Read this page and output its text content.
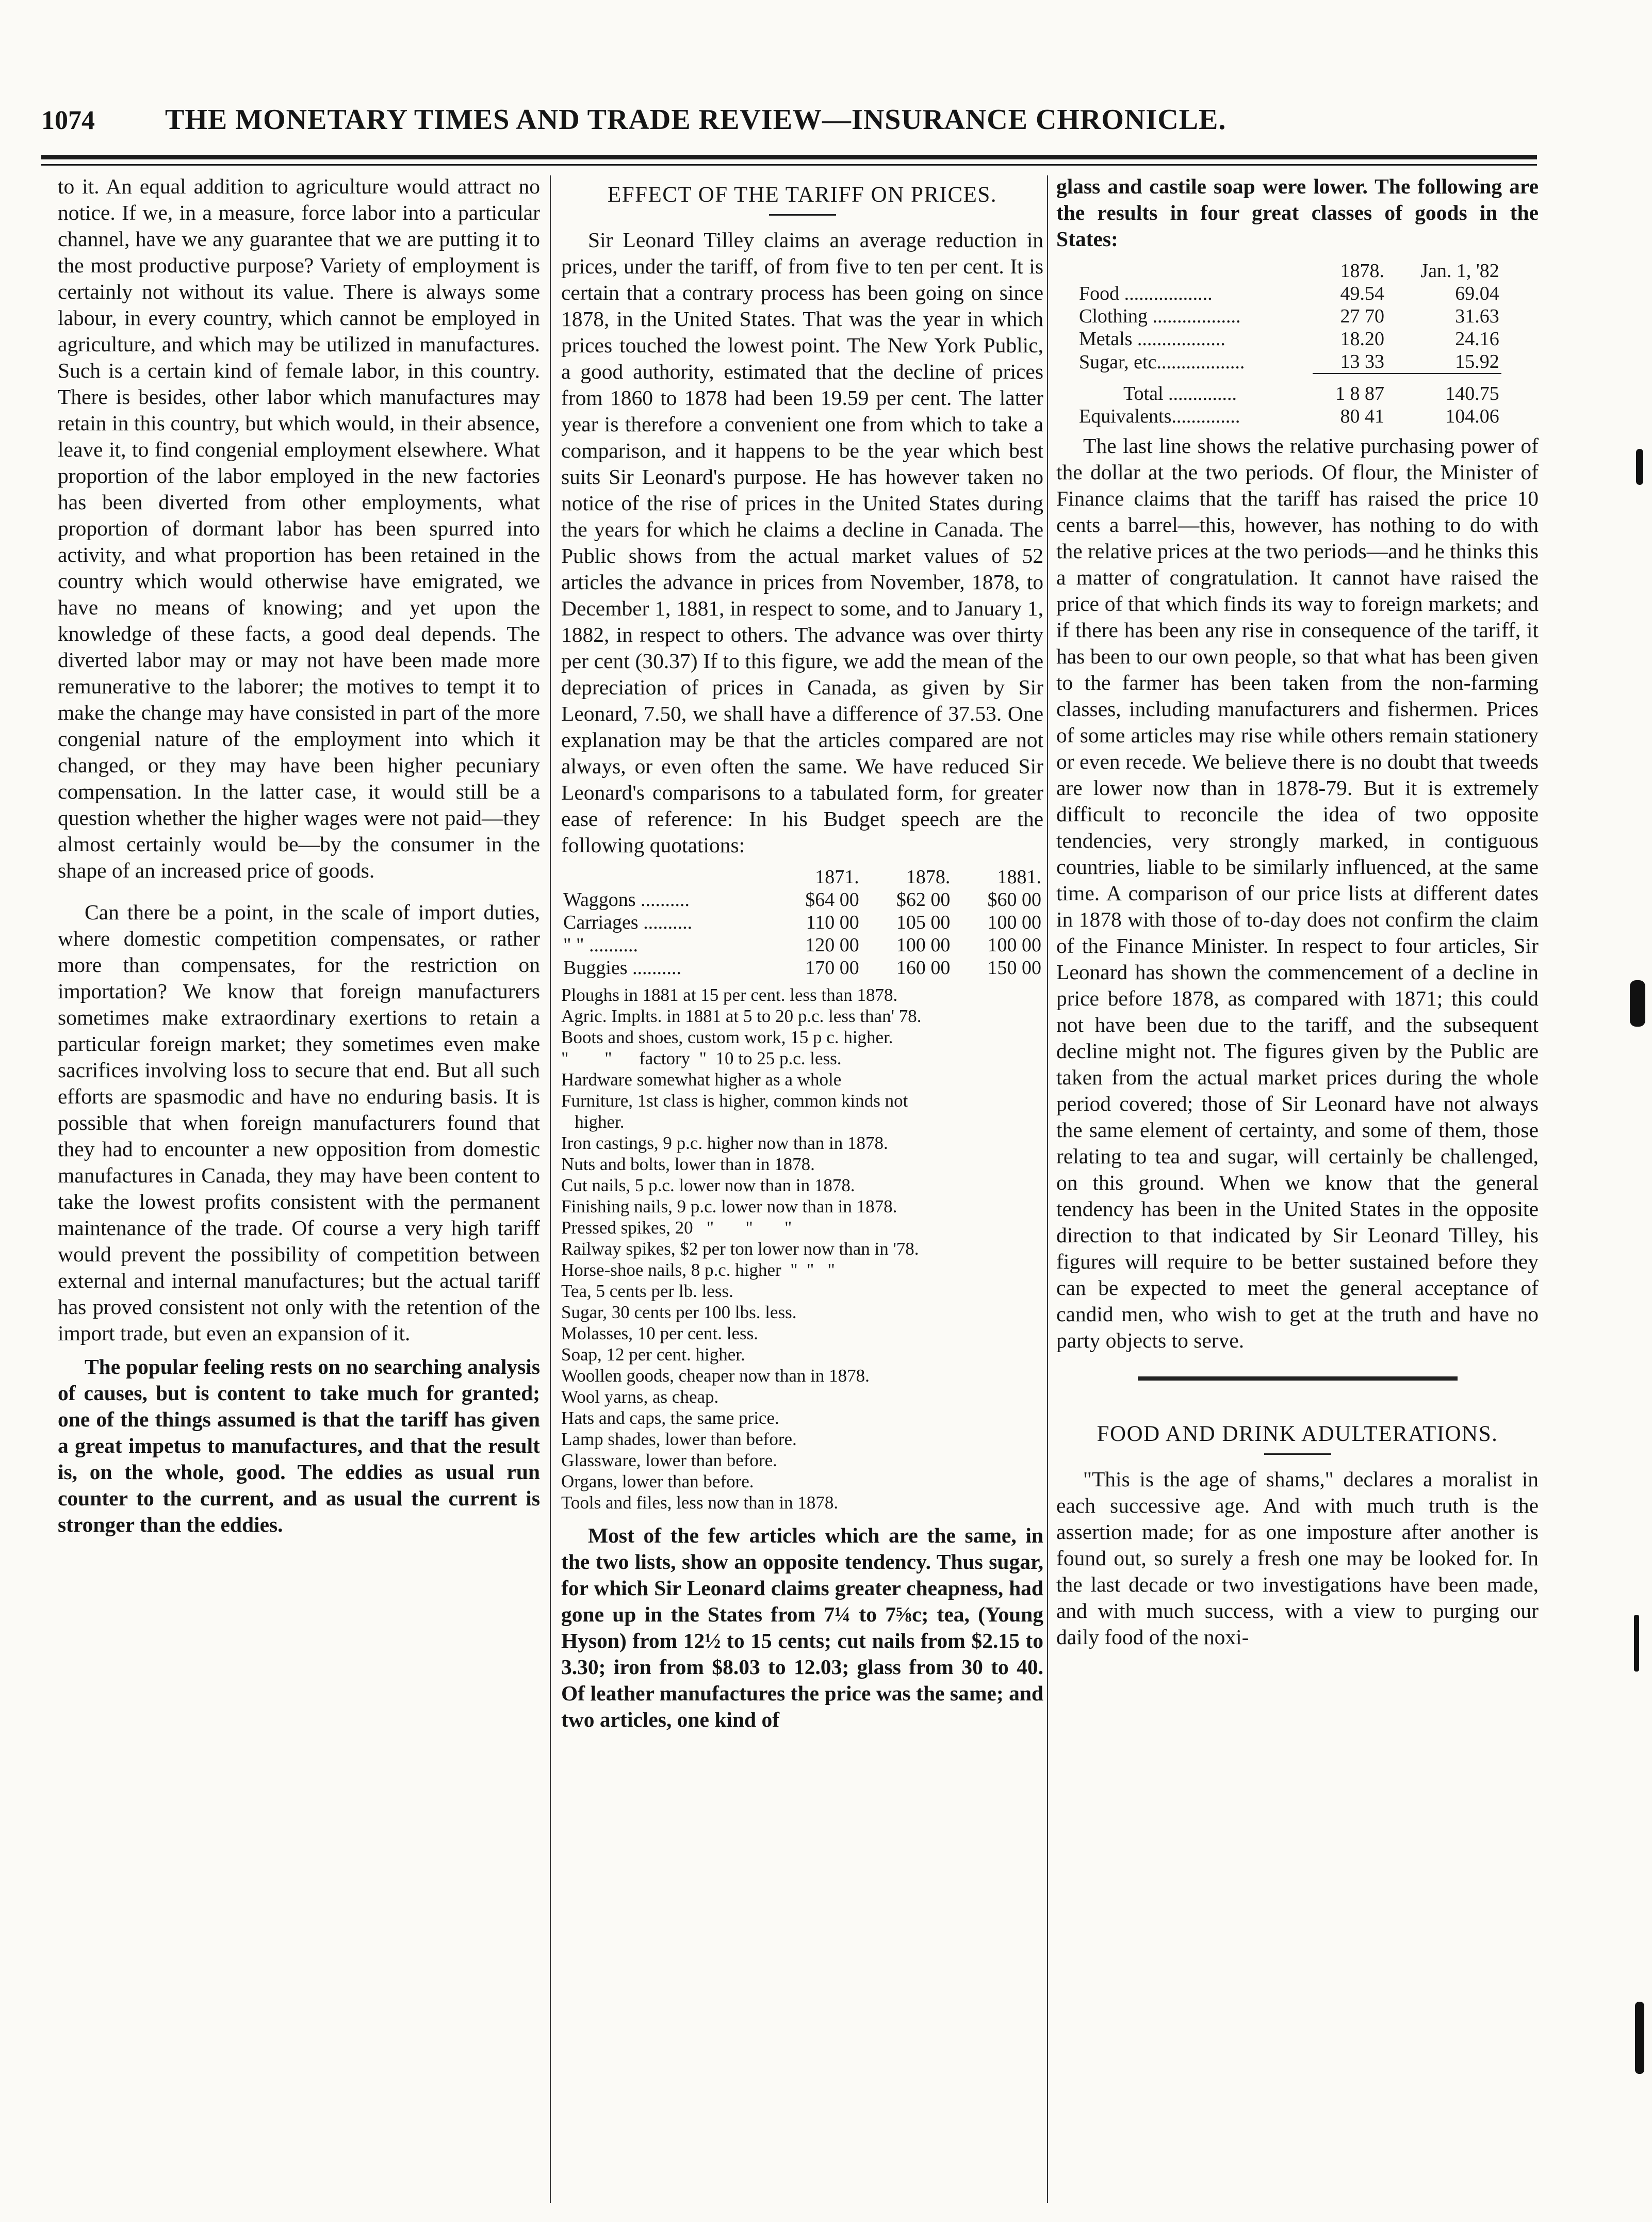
1074	THE MONETARY TIMES AND TRADE REVIEW—INSURANCE CHRONICLE.

to it. An equal addition to agriculture would attract no notice. If we, in a measure, force labor into a particular channel, have we any guarantee that we are putting it to the most productive purpose? Variety of employment is certainly not without its value. There is always some labour, in every country, which cannot be employed in agriculture, and which may be utilized in manufactures. Such is a certain kind of female labor, in this country. There is besides, other labor which manufactures may retain in this country, but which would, in their absence, leave it, to find congenial employment elsewhere. What proportion of the labor employed in the new factories has been diverted from other employments, what proportion of dormant labor has been spurred into activity, and what proportion has been retained in the country which would otherwise have emigrated, we have no means of knowing; and yet upon the knowledge of these facts, a good deal depends. The diverted labor may or may not have been made more remunerative to the laborer; the motives to tempt it to make the change may have consisted in part of the more congenial nature of the employment into which it changed, or they may have been higher pecuniary compensation. In the latter case, it would still be a question whether the higher wages were not paid—they almost certainly would be—by the consumer in the shape of an increased price of goods.

Can there be a point, in the scale of import duties, where domestic competition compensates, or rather more than compensates, for the restriction on importation? We know that foreign manufacturers sometimes make extraordinary exertions to retain a particular foreign market; they sometimes even make sacrifices involving loss to secure that end. But all such efforts are spasmodic and have no enduring basis. It is possible that when foreign manufacturers found that they had to encounter a new opposition from domestic manufactures in Canada, they may have been content to take the lowest profits consistent with the permanent maintenance of the trade. Of course a very high tariff would prevent the possibility of competition between external and internal manufactures; but the actual tariff has proved consistent not only with the retention of the import trade, but even an expansion of it.

The popular feeling rests on no searching analysis of causes, but is content to take much for granted; one of the things assumed is that the tariff has given a great impetus to manufactures, and that the result is, on the whole, good. The eddies as usual run counter to the current, and as usual the current is stronger than the eddies.

EFFECT OF THE TARIFF ON PRICES.

Sir Leonard Tilley claims an average reduction in prices, under the tariff, of from five to ten per cent. It is certain that a contrary process has been going on since 1878, in the United States. That was the year in which prices touched the lowest point. The New York Public, a good authority, estimated that the decline of prices from 1860 to 1878 had been 19.59 per cent. The latter year is therefore a convenient one from which to take a comparison, and it happens to be the year which best suits Sir Leonard's purpose. He has however taken no notice of the rise of prices in the United States during the years for which he claims a decline in Canada. The Public shows from the actual market values of 52 articles the advance in prices from November, 1878, to December 1, 1881, in respect to some, and to January 1, 1882, in respect to others. The advance was over thirty per cent (30.37) If to this figure, we add the mean of the depreciation of prices in Canada, as given by Sir Leonard, 7.50, we shall have a difference of 37.53. One explanation may be that the articles compared are not always, or even often the same. We have reduced Sir Leonard's comparisons to a tabulated form, for greater ease of reference: In his Budget speech are the following quotations:

	1871.	1878.	1881.
Waggons ..........	$64 00	$62 00	$60 00
Carriages ..........	110 00	105 00	100 00
" " ..........	120 00	100 00	100 00
Buggies ..........	170 00	160 00	150 00
Ploughs in 1881 at 15 per cent. less than 1878.
Agric. Implts. in 1881 at 5 to 20 p.c. less than' 78.
Boots and shoes, custom work, 15 p c. higher.
"        "      factory  "  10 to 25 p.c. less.
Hardware somewhat higher as a whole
Furniture, 1st class is higher, common kinds not
higher.
Iron castings, 9 p.c. higher now than in 1878.
Nuts and bolts, lower than in 1878.
Cut nails, 5 p.c. lower now than in 1878.
Finishing nails, 9 p.c. lower now than in 1878.
Pressed spikes, 20   "       "       "
Railway spikes, $2 per ton lower now than in '78.
Horse-shoe nails, 8 p.c. higher  "  "   "
Tea, 5 cents per lb. less.
Sugar, 30 cents per 100 lbs. less.
Molasses, 10 per cent. less.
Soap, 12 per cent. higher.
Woollen goods, cheaper now than in 1878.
Wool yarns, as cheap.
Hats and caps, the same price.
Lamp shades, lower than before.
Glassware, lower than before.
Organs, lower than before.
Tools and files, less now than in 1878.

Most of the few articles which are the same, in the two lists, show an opposite tendency. Thus sugar, for which Sir Leonard claims greater cheapness, had gone up in the States from 7¼ to 7⅝c; tea, (Young Hyson) from 12½ to 15 cents; cut nails from $2.15 to 3.30; iron from $8.03 to 12.03; glass from 30 to 40. Of leather manufactures the price was the same; and two articles, one kind of

glass and castile soap were lower. The following are the results in four great classes of goods in the States:

	1878.	Jan. 1, '82
Food ..................	49.54	69.04
Clothing ..................	27 70	31.63
Metals ..................	18.20	24.16
Sugar, etc..................	13 33	15.92
Total ..............	1 8 87	140.75
Equivalents..............	80 41	104.06

The last line shows the relative purchasing power of the dollar at the two periods. Of flour, the Minister of Finance claims that the tariff has raised the price 10 cents a barrel—this, however, has nothing to do with the relative prices at the two periods—and he thinks this a matter of congratulation. It cannot have raised the price of that which finds its way to foreign markets; and if there has been any rise in consequence of the tariff, it has been to our own people, so that what has been given to the farmer has been taken from the non-farming classes, including manufacturers and fishermen. Prices of some articles may rise while others remain stationery or even recede. We believe there is no doubt that tweeds are lower now than in 1878-79. But it is extremely difficult to reconcile the idea of two opposite tendencies, very strongly marked, in contiguous countries, liable to be similarly influenced, at the same time. A comparison of our price lists at different dates in 1878 with those of to-day does not confirm the claim of the Finance Minister. In respect to four articles, Sir Leonard has shown the commencement of a decline in price before 1878, as compared with 1871; this could not have been due to the tariff, and the subsequent decline might not. The figures given by the Public are taken from the actual market prices during the whole period covered; those of Sir Leonard have not always the same element of certainty, and some of them, those relating to tea and sugar, will certainly be challenged, on this ground. When we know that the general tendency has been in the United States in the opposite direction to that indicated by Sir Leonard Tilley, his figures will require to be better sustained before they can be expected to meet the general acceptance of candid men, who wish to get at the truth and have no party objects to serve.

FOOD AND DRINK ADULTERATIONS.

"This is the age of shams," declares a moralist in each successive age. And with much truth is the assertion made; for as one imposture after another is found out, so surely a fresh one may be looked for. In the last decade or two investigations have been made, and with much success, with a view to purging our daily food of the noxi-
